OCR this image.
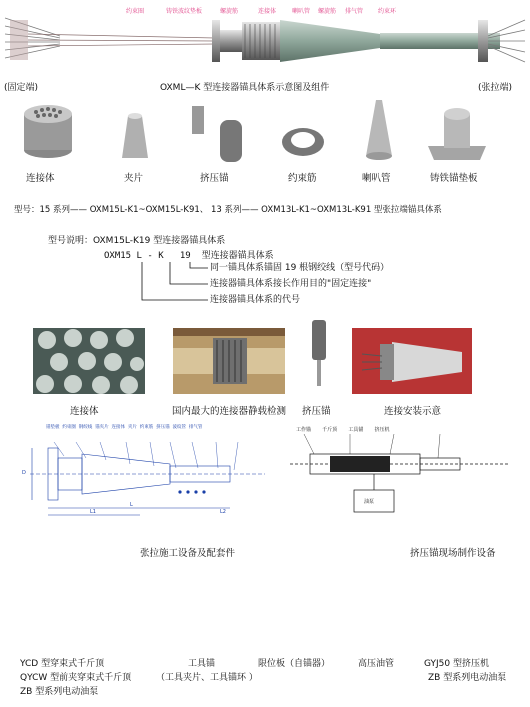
约束圈	铸铁波纹垫板	螺旋筋	连接体	喇叭管 螺旋筋 排气管 约束环
(固定端)	OXML—K 型连接器锚具体系示意图及组件	(张拉端)
连接体	夹片	挤压锚	约束筋	喇叭管	铸铁锚垫板
型号：15 系列—— OXM15L-K1~OXM15L-K91、 13 系列—— OXM13L-K1~OXM13L-K91 型张拉端锚具体系
型号说明：OXM15L-K19 型连接器锚具体系
OXM15 L - K 19 型连接器锚具体系
同一锚具体系锚固 19 根钢绞线（型号代码）
连接器锚具体系接长作用目的"固定连接"
连接器锚具体系的代号
连接体	国内最大的连接器静载检测 挤压锚	连接安装示意
锚垫板 约束圈 钢绞线 锚夹片 连接体 夹片 约束筋 挤压锚 波纹管 排气管
D
L
L1	L2
工作锚 千斤顶 工具锚 挤压机
油泵
张拉施工设备及配套件	挤压锚现场制作设备
YCD 型穿束式千斤顶	工具锚	限位板（自锚器）	高压油管	GYJ50 型挤压机
QYCW 型前夹穿束式千斤顶	（工具夹片、工具锚环 ）	ZB 型系列电动油泵
ZB 型系列电动油泵
